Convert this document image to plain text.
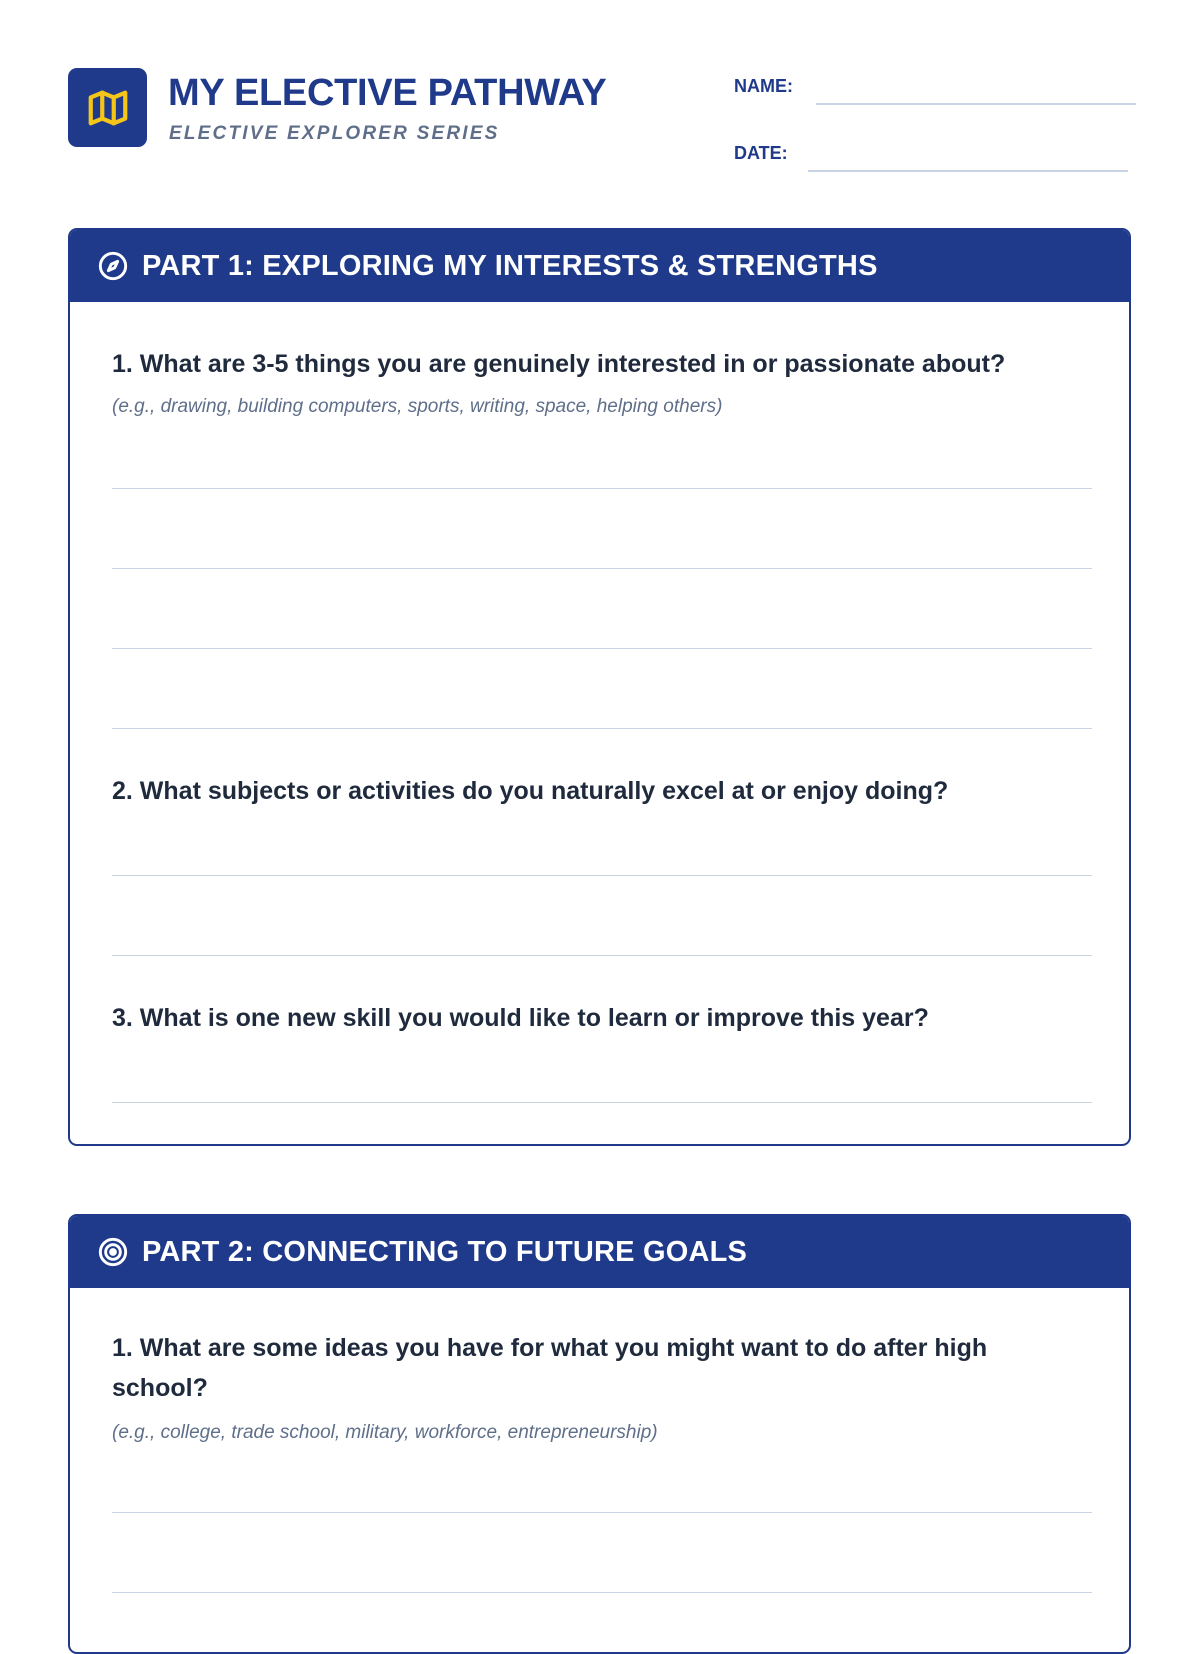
MY ELECTIVE PATHWAY
ELECTIVE EXPLORER SERIES
NAME:
DATE:
PART 1: EXPLORING MY INTERESTS & STRENGTHS
1. What are 3-5 things you are genuinely interested in or passionate about?
(e.g., drawing, building computers, sports, writing, space, helping others)
2. What subjects or activities do you naturally excel at or enjoy doing?
3. What is one new skill you would like to learn or improve this year?
PART 2: CONNECTING TO FUTURE GOALS
1. What are some ideas you have for what you might want to do after high school?
(e.g., college, trade school, military, workforce, entrepreneurship)
